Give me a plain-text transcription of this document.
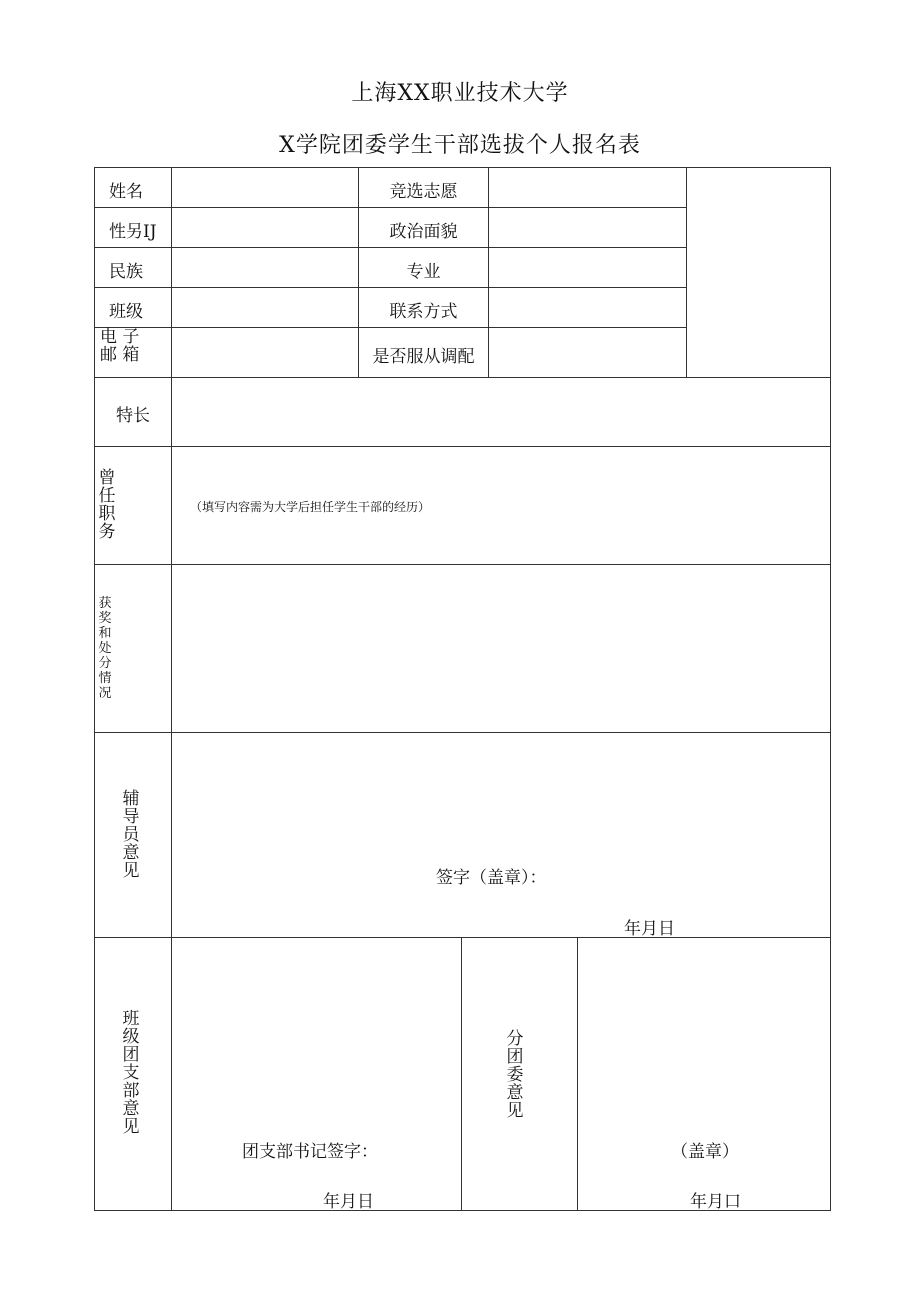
上海XX职业技术大学
X学院团委学生干部选拔个人报名表
姓名
性另IJ
民族
班级
电 子
邮 箱
竞选志愿
政治面貌
专业
联系方式
是否服从调配
特长
曾任职务
（填写内容需为大学后担任学生干部的经历）
获奖和处分情况
辅导员意见	签字（盖章）：
年月日
班级团支部意见
团支部书记签字：
年月日
分团委意见
（盖章）
年月口
